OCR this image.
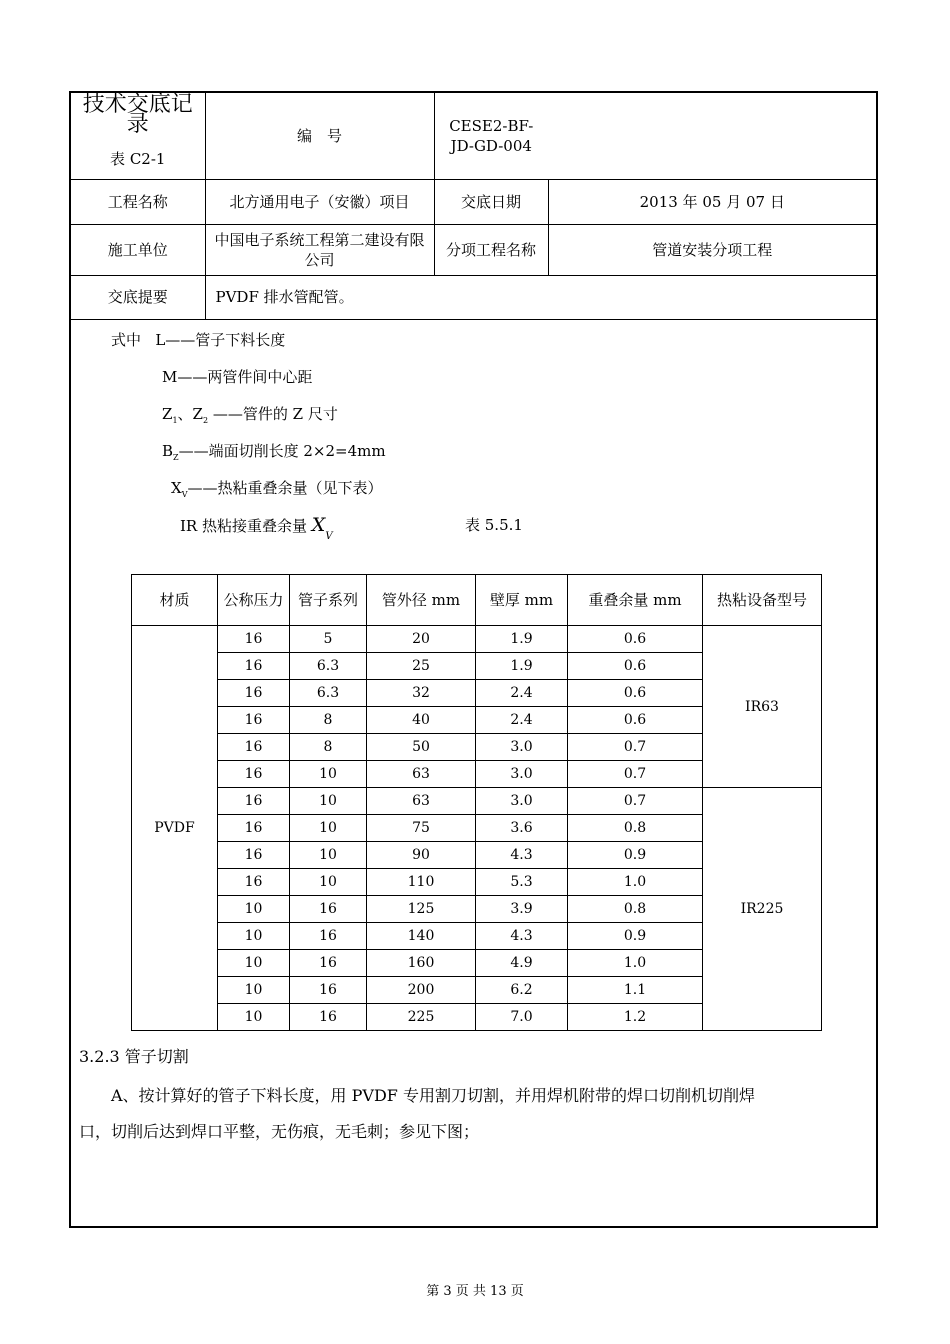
技术交底记录
表 C2-1	编　号	CESE2-BF-JD-GD-004	
工程名称	北方通用电子（安徽）项目	交底日期	2013 年 05 月 07 日
施工单位	中国电子系统工程第二建设有限公司	分项工程名称	管道安装分项工程
交底提要	PVDF 排水管配管。		
式中 L——管子下料长度
M——两管件间中心距
$Z_1$、$Z_2$ ——管件的 Z 尺寸
$B_Z——$端面切削长度 2×2=4mm
$X_V——$热粘重叠余量（见下表）
IR 热粘接重叠余量 $X_V$
表 5.5.1
材质	公称压力	管子系列	管外径 mm	壁厚 mm	重叠余量 mm	热粘设备型号
PVDF	16	5	20	1.9	0.6	IR63
	16	6.3	25	1.9	0.6	
	16	6.3	32	2.4	0.6	
	16	8	40	2.4	0.6	
	16	8	50	3.0	0.7	
	16	10	63	3.0	0.7	
	16	10	63	3.0	0.7	IR225
	16	10	75	3.6	0.8	
	16	10	90	4.3	0.9	
	16	10	110	5.3	1.0	
	10	16	125	3.9	0.8	
	10	16	140	4.3	0.9	
	10	16	160	4.9	1.0	
	10	16	200	6.2	1.1	
	10	16	225	7.0	1.2	
3.2.3 管子切割
A、按计算好的管子下料长度，用 PVDF 专用割刀切割，并用焊机附带的焊口切削机切削焊
口，切削后达到焊口平整，无伤痕，无毛刺；参见下图；
第 3 页 共 13 页
